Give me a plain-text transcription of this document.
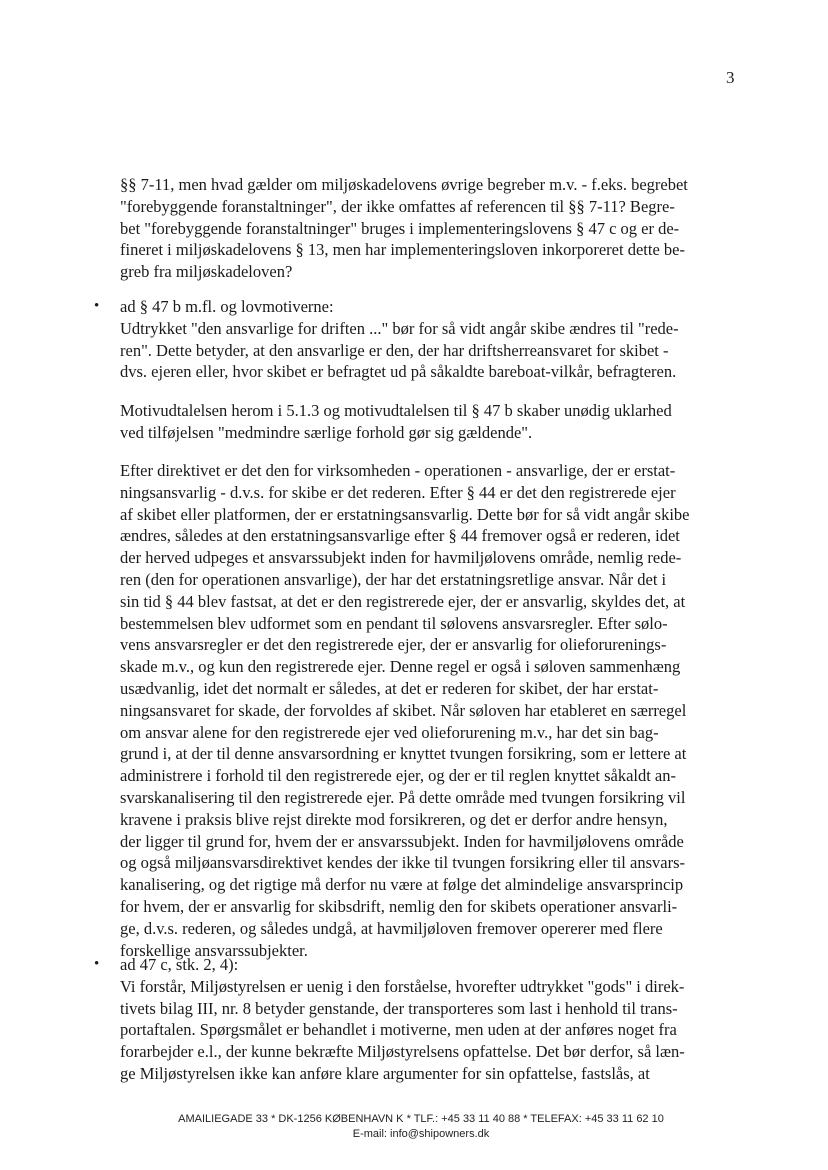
3
§§ 7-11, men hvad gælder om miljøskadelovens øvrige begreber m.v. - f.eks. begrebet
"forebyggende foranstaltninger", der ikke omfattes af referencen til §§ 7-11? Begre-
bet "forebyggende foranstaltninger" bruges i implementeringslovens § 47 c og er de-
fineret i miljøskadelovens § 13, men har implementeringsloven inkorporeret dette be-
greb fra miljøskadeloven?
• ad § 47 b m.fl. og lovmotiverne:
Udtrykket "den ansvarlige for driften ..." bør for så vidt angår skibe ændres til "rede-
ren". Dette betyder, at den ansvarlige er den, der har driftsherreansvaret for skibet -
dvs. ejeren eller, hvor skibet er befragtet ud på såkaldte bareboat-vilkår, befragteren.
Motivudtalelsen herom i 5.1.3 og motivudtalelsen til § 47 b skaber unødig uklarhed
ved tilføjelsen "medmindre særlige forhold gør sig gældende".
Efter direktivet er det den for virksomheden - operationen - ansvarlige, der er erstat-
ningsansvarlig - d.v.s. for skibe er det rederen. Efter § 44 er det den registrerede ejer
af skibet eller platformen, der er erstatningsansvarlig. Dette bør for så vidt angår skibe
ændres, således at den erstatningsansvarlige efter § 44 fremover også er rederen, idet
der herved udpeges et ansvarssubjekt inden for havmiljølovens område, nemlig rede-
ren (den for operationen ansvarlige), der har det erstatningsretlige ansvar. Når det i
sin tid § 44 blev fastsat, at det er den registrerede ejer, der er ansvarlig, skyldes det, at
bestemmelsen blev udformet som en pendant til sølovens ansvarsregler. Efter sølo-
vens ansvarsregler er det den registrerede ejer, der er ansvarlig for olieforurenings-
skade m.v., og kun den registrerede ejer. Denne regel er også i søloven sammenhæng
usædvanlig, idet det normalt er således, at det er rederen for skibet, der har erstat-
ningsansvaret for skade, der forvoldes af skibet. Når søloven har etableret en særregel
om ansvar alene for den registrerede ejer ved olieforurening m.v., har det sin bag-
grund i, at der til denne ansvarsordning er knyttet tvungen forsikring, som er lettere at
administrere i forhold til den registrerede ejer, og der er til reglen knyttet såkaldt an-
svarskanalisering til den registrerede ejer. På dette område med tvungen forsikring vil
kravene i praksis blive rejst direkte mod forsikreren, og det er derfor andre hensyn,
der ligger til grund for, hvem der er ansvarssubjekt. Inden for havmiljølovens område
og også miljøansvarsdirektivet kendes der ikke til tvungen forsikring eller til ansvars-
kanalisering, og det rigtige må derfor nu være at følge det almindelige ansvarsprincip
for hvem, der er ansvarlig for skibsdrift, nemlig den for skibets operationer ansvarli-
ge, d.v.s. rederen, og således undgå, at havmiljøloven fremover opererer med flere
forskellige ansvarssubjekter.
• ad 47 c, stk. 2, 4):
Vi forstår, Miljøstyrelsen er uenig i den forståelse, hvorefter udtrykket "gods" i direk-
tivets bilag III, nr. 8 betyder genstande, der transporteres som last i henhold til trans-
portaftalen. Spørgsmålet er behandlet i motiverne, men uden at der anføres noget fra
forarbejder e.l., der kunne bekræfte Miljøstyrelsens opfattelse. Det bør derfor, så læn-
ge Miljøstyrelsen ikke kan anføre klare argumenter for sin opfattelse, fastslås, at
AMAILIEGADE 33 * DK-1256 KØBENHAVN K * TLF.: +45 33 11 40 88 * TELEFAX: +45 33 11 62 10
E-mail: info@shipowners.dk
